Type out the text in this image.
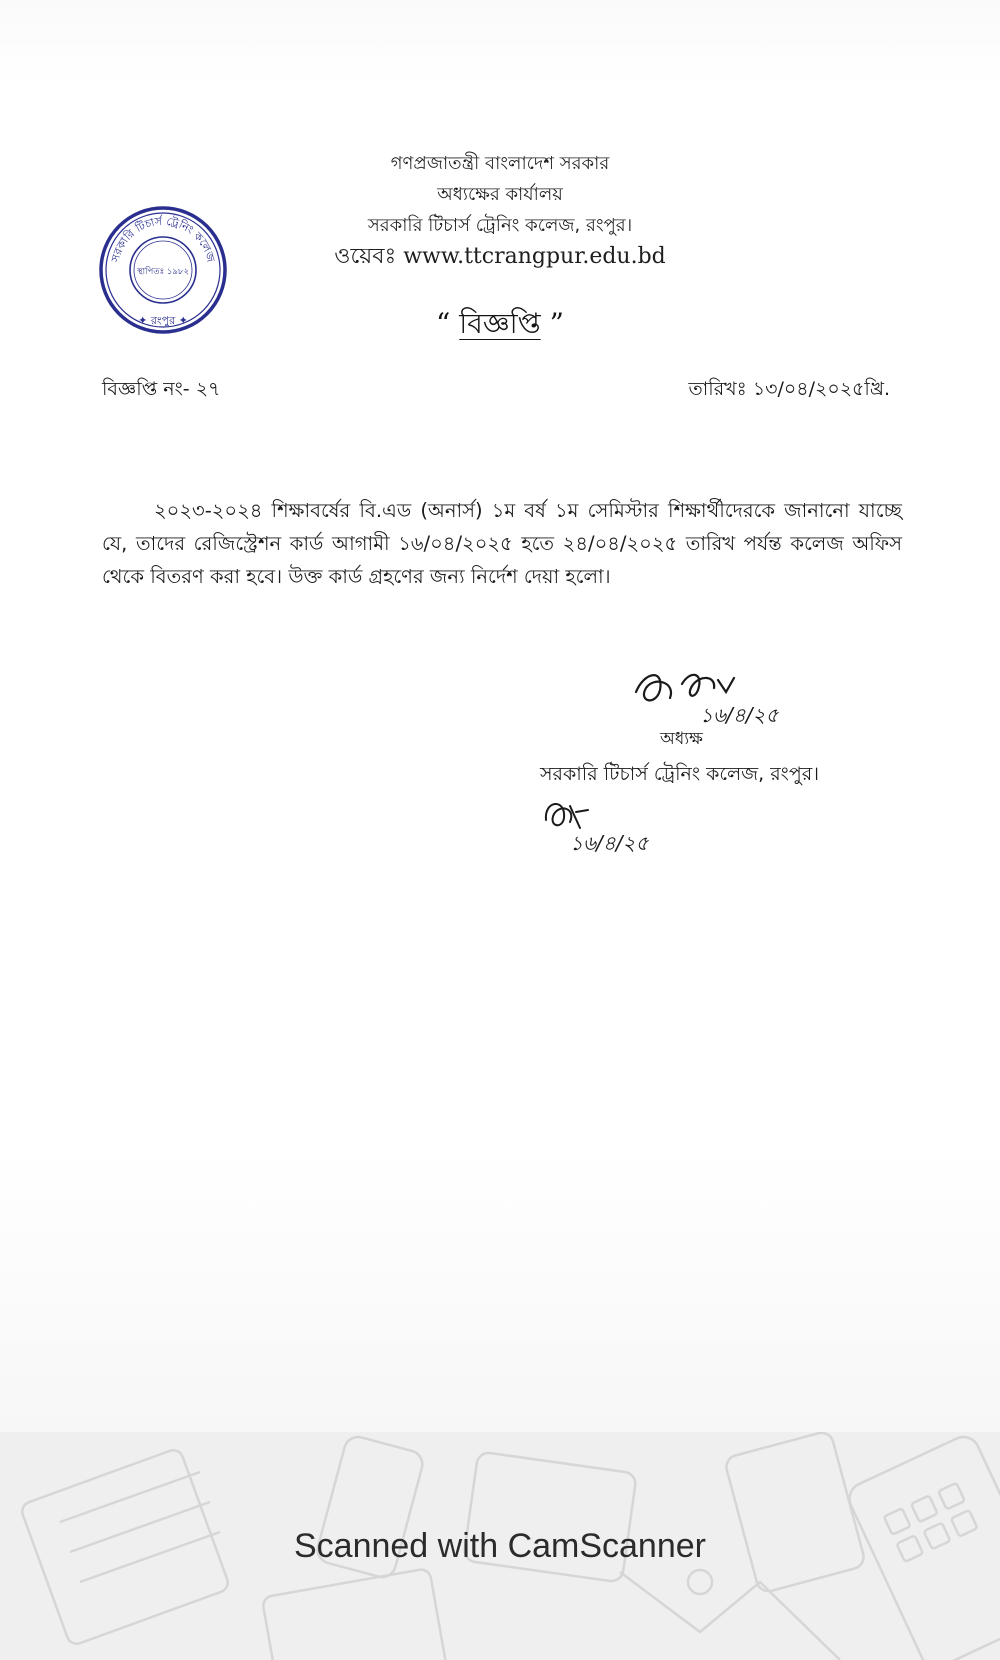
সরকারি টিচার্স ট্রেনিং কলেজ
স্থাপিতঃ ১৯৮২
✦ রংপুর ✦
গণপ্রজাতন্ত্রী বাংলাদেশ সরকার
অধ্যক্ষের কার্যালয়
সরকারি টিচার্স ট্রেনিং কলেজ, রংপুর।
ওয়েবঃ www.ttcrangpur.edu.bd
“ বিজ্ঞপ্তি ”
বিজ্ঞপ্তি নং- ২৭	তারিখঃ ১৩/০৪/২০২৫খ্রি.

২০২৩-২০২৪ শিক্ষাবর্ষের বি.এড (অনার্স) ১ম বর্ষ ১ম সেমিস্টার শিক্ষার্থীদেরকে জানানো যাচ্ছে যে, তাদের রেজিস্ট্রেশন কার্ড আগামী ১৬/০৪/২০২৫ হতে ২৪/০৪/২০২৫ তারিখ পর্যন্ত কলেজ অফিস থেকে বিতরণ করা হবে। উক্ত কার্ড গ্রহণের জন্য নির্দেশ দেয়া হলো।

১৬/৪/২৫
অধ্যক্ষ
সরকারি টিচার্স ট্রেনিং কলেজ, রংপুর।
১৬/৪/২৫
Scanned with CamScanner
